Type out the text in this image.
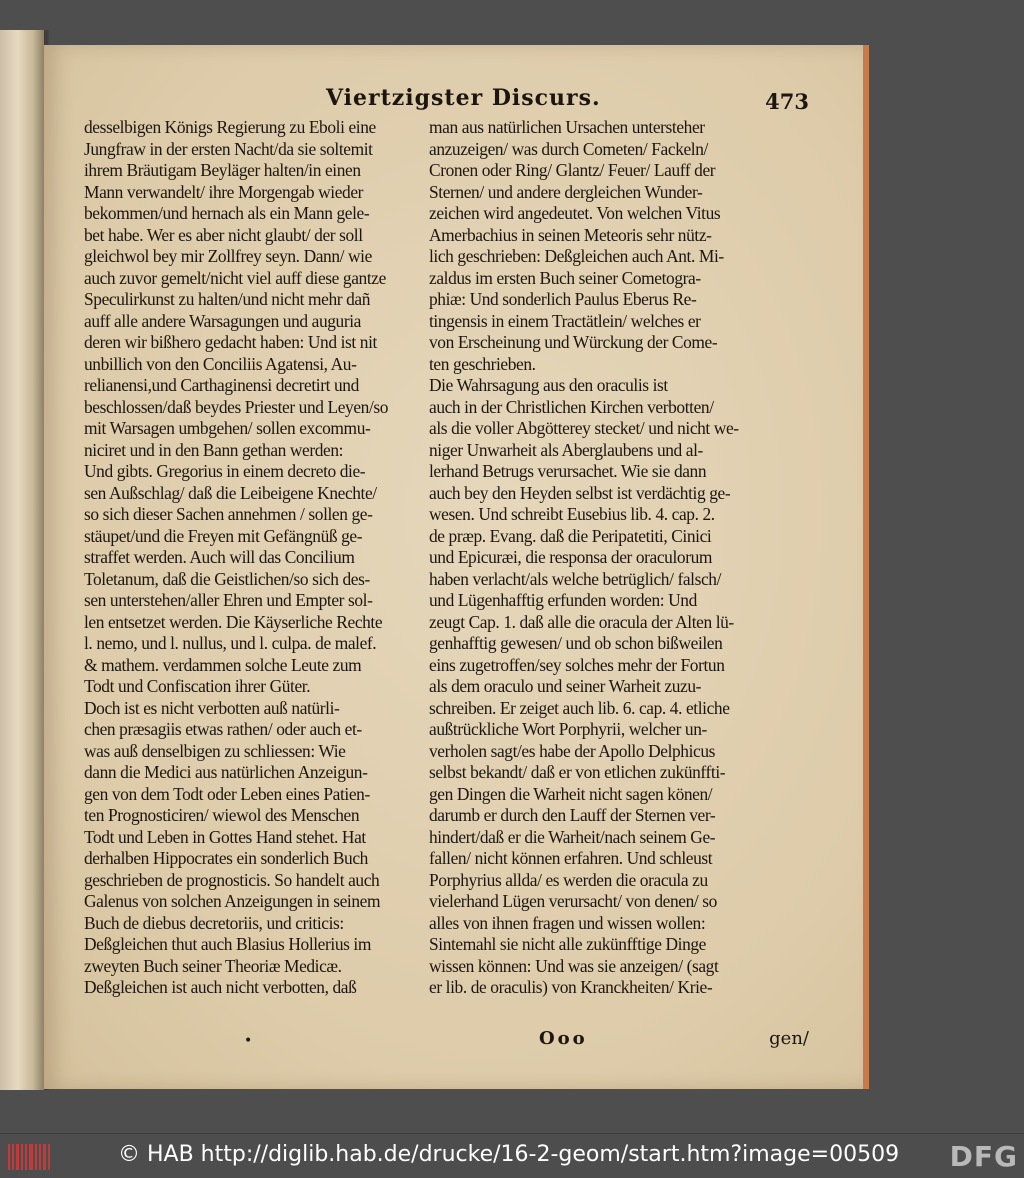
Viertzigster Discurs.	473
desselbigen Königs Regierung zu Eboli eine
Jungfraw in der ersten Nacht/da sie soltemit
ihrem Bräutigam Beyläger halten/in einen
Mann verwandelt/ ihre Morgengab wieder
bekommen/und hernach als ein Mann gele-
bet habe. Wer es aber nicht glaubt/ der soll
gleichwol bey mir Zollfrey seyn. Dann/ wie
auch zuvor gemelt/nicht viel auff diese gantze
Speculirkunst zu halten/und nicht mehr dañ
auff alle andere Warsagungen und auguria
deren wir bißhero gedacht haben: Und ist nit
unbillich von den Conciliis Agatensi, Au-
relianensi,und Carthaginensi decretirt und
beschlossen/daß beydes Priester und Leyen/so
mit Warsagen umbgehen/ sollen excommu-
niciret und in den Bann gethan werden:
Und gibts. Gregorius in einem decreto die-
sen Außschlag/ daß die Leibeigene Knechte/
so sich dieser Sachen annehmen / sollen ge-
stäupet/und die Freyen mit Gefängnüß ge-
straffet werden. Auch will das Concilium
Toletanum, daß die Geistlichen/so sich des-
sen unterstehen/aller Ehren und Empter sol-
len entsetzet werden. Die Käyserliche Rechte
l. nemo, und l. nullus, und l. culpa. de malef.
& mathem. verdammen solche Leute zum
Todt und Confiscation ihrer Güter.
Doch ist es nicht verbotten auß natürli-
chen præsagiis etwas rathen/ oder auch et-
was auß denselbigen zu schliessen: Wie
dann die Medici aus natürlichen Anzeigun-
gen von dem Todt oder Leben eines Patien-
ten Prognosticiren/ wiewol des Menschen
Todt und Leben in Gottes Hand stehet. Hat
derhalben Hippocrates ein sonderlich Buch
geschrieben de prognosticis. So handelt auch
Galenus von solchen Anzeigungen in seinem
Buch de diebus decretoriis, und criticis:
Deßgleichen thut auch Blasius Hollerius im
zweyten Buch seiner Theoriæ Medicæ.
Deßgleichen ist auch nicht verbotten, daß
man aus natürlichen Ursachen untersteher
anzuzeigen/ was durch Cometen/ Fackeln/
Cronen oder Ring/ Glantz/ Feuer/ Lauff der
Sternen/ und andere dergleichen Wunder-
zeichen wird angedeutet. Von welchen Vitus
Amerbachius in seinen Meteoris sehr nütz-
lich geschrieben: Deßgleichen auch Ant. Mi-
zaldus im ersten Buch seiner Cometogra-
phiæ: Und sonderlich Paulus Eberus Re-
tingensis in einem Tractätlein/ welches er
von Erscheinung und Würckung der Come-
ten geschrieben.
Die Wahrsagung aus den oraculis ist
auch in der Christlichen Kirchen verbotten/
als die voller Abgötterey stecket/ und nicht we-
niger Unwarheit als Aberglaubens und al-
lerhand Betrugs verursachet. Wie sie dann
auch bey den Heyden selbst ist verdächtig ge-
wesen. Und schreibt Eusebius lib. 4. cap. 2.
de præp. Evang. daß die Peripatetiti, Cinici
und Epicuræi, die responsa der oraculorum
haben verlacht/als welche betrüglich/ falsch/
und Lügenhafftig erfunden worden: Und
zeugt Cap. 1. daß alle die oracula der Alten lü-
genhafftig gewesen/ und ob schon bißweilen
eins zugetroffen/sey solches mehr der Fortun
als dem oraculo und seiner Warheit zuzu-
schreiben. Er zeiget auch lib. 6. cap. 4. etliche
außtrückliche Wort Porphyrii, welcher un-
verholen sagt/es habe der Apollo Delphicus
selbst bekandt/ daß er von etlichen zukünffti-
gen Dingen die Warheit nicht sagen könen/
darumb er durch den Lauff der Sternen ver-
hindert/daß er die Warheit/nach seinem Ge-
fallen/ nicht können erfahren. Und schleust
Porphyrius allda/ es werden die oracula zu
vielerhand Lügen verursacht/ von denen/ so
alles von ihnen fragen und wissen wollen:
Sintemahl sie nicht alle zukünfftige Dinge
wissen können: Und was sie anzeigen/ (sagt
er lib. de oraculis) von Kranckheiten/ Krie-
•	Ooo	gen/
© HAB http://diglib.hab.de/drucke/16-2-geom/start.htm?image=00509 DFG
